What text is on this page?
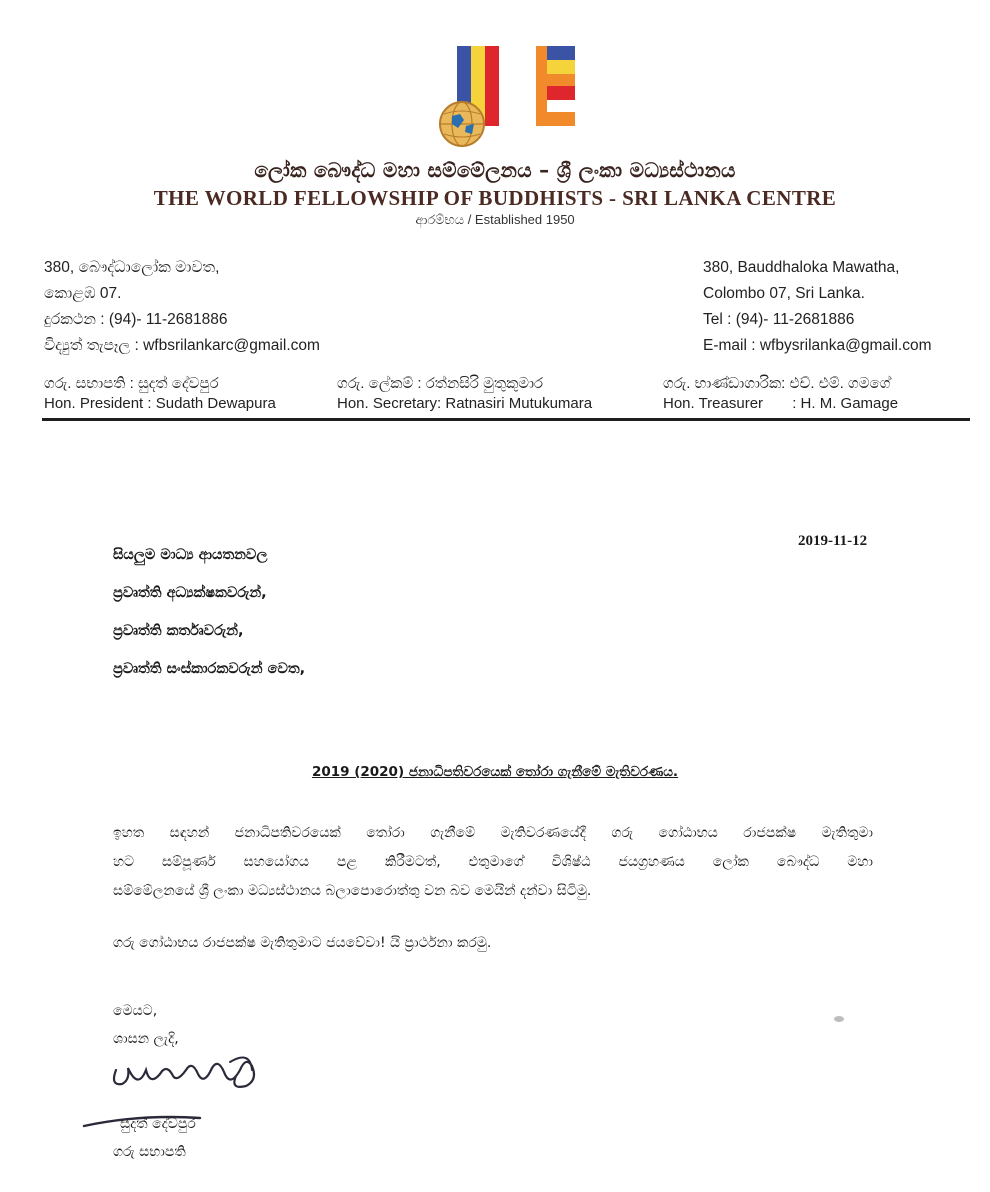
ලෝක බෞද්ධ මහා සම්මේලනය – ශ්‍රී ලංකා මධ්‍යස්ථානය
THE WORLD FELLOWSHIP OF BUDDHISTS - SRI LANKA CENTRE
ආරම්භය / Established 1950
380, බෞද්ධාලෝක මාවත,
කොළඹ 07.
දුරකථන : (94)- 11-2681886
විද්‍යුත් තැපෑල : wfbsrilankarc@gmail.com
380, Bauddhaloka Mawatha,
Colombo 07, Sri Lanka.
Tel : (94)- 11-2681886
E-mail : wfbysrilanka@gmail.com
ගරු. සභාපති : සුදත් දේවපුර
Hon. President : Sudath Dewapura
ගරු. ලේකම් : රත්නසිරි මුතුකුමාර
Hon. Secretary: Ratnasiri Mutukumara
ගරු. භාණ්ඩාගාරික: එච්. එම්. ගමගේ
Hon. Treasurer       : H. M. Gamage
සියලුම මාධ්‍ය ආයතනවල
ප්‍රවෘත්ති අධ්‍යක්ෂකවරුන්,
ප්‍රවෘත්ති කර්තෘවරුන්,
ප්‍රවෘත්ති සංස්කාරකවරුන් වෙත,
2019-11-12
2019 (2020) ජනාධිපතිවරයෙක් තෝරා ගැනීමේ මැතිවරණය.
ඉහත සඳහන් ජනාධිපතිවරයෙක් තෝරා ගැනීමේ මැතිවරණයේදී ගරු ගෝඨාභය රාජපක්ෂ මැතිතුමා
හට සම්පූර්ණ සහයෝගය පළ කිරීමටත්, එතුමාගේ විශිෂ්ඨ ජයග්‍රහණය ලෝක බෞද්ධ මහා
සම්මේලනයේ ශ්‍රී ලංකා මධ්‍යස්ථානය බලාපොරොත්තු වන බව මෙයින් දන්වා සිටිමු.
ගරු ගෝඨාභය රාජපක්ෂ මැතිතුමාට ජයවේවා! යි ප්‍රාර්ථනා කරමු.
මෙයට,
ශාසන ලැදි,
සුදත් දේවපුර
ගරු සභාපති
